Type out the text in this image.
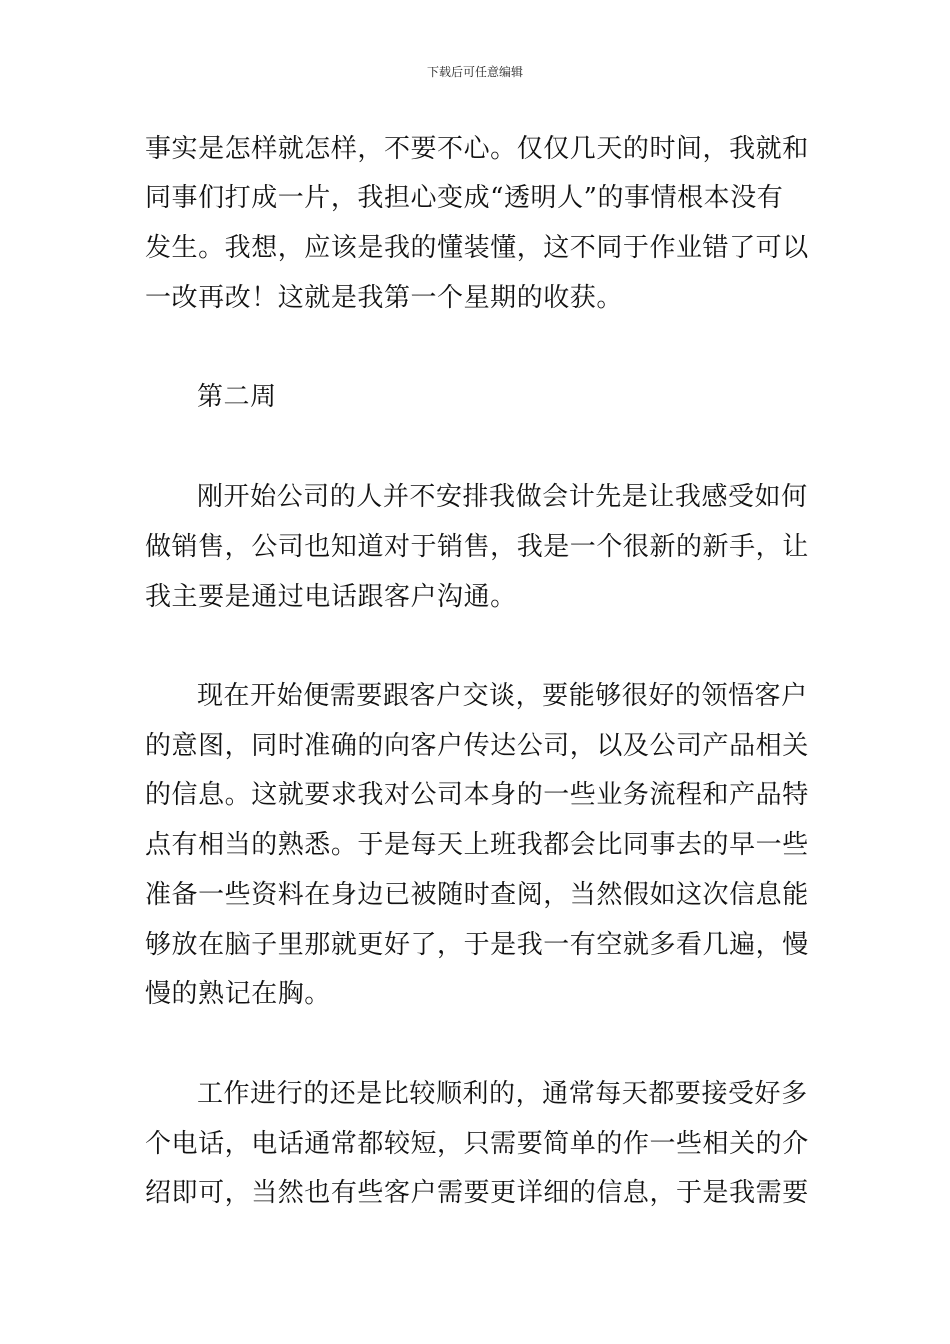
下载后可任意编辑
事实是怎样就怎样，不要不心。仅仅几天的时间，我就和
同事们打成一片，我担心变成“透明人”的事情根本没有
发生。我想，应该是我的懂装懂，这不同于作业错了可以
一改再改！这就是我第一个星期的收获。
第二周
刚开始公司的人并不安排我做会计先是让我感受如何
做销售，公司也知道对于销售，我是一个很新的新手，让
我主要是通过电话跟客户沟通。
现在开始便需要跟客户交谈，要能够很好的领悟客户
的意图，同时准确的向客户传达公司，以及公司产品相关
的信息。这就要求我对公司本身的一些业务流程和产品特
点有相当的熟悉。于是每天上班我都会比同事去的早一些
准备一些资料在身边已被随时查阅，当然假如这次信息能
够放在脑子里那就更好了，于是我一有空就多看几遍，慢
慢的熟记在胸。
工作进行的还是比较顺利的，通常每天都要接受好多
个电话，电话通常都较短，只需要简单的作一些相关的介
绍即可，当然也有些客户需要更详细的信息，于是我需要
